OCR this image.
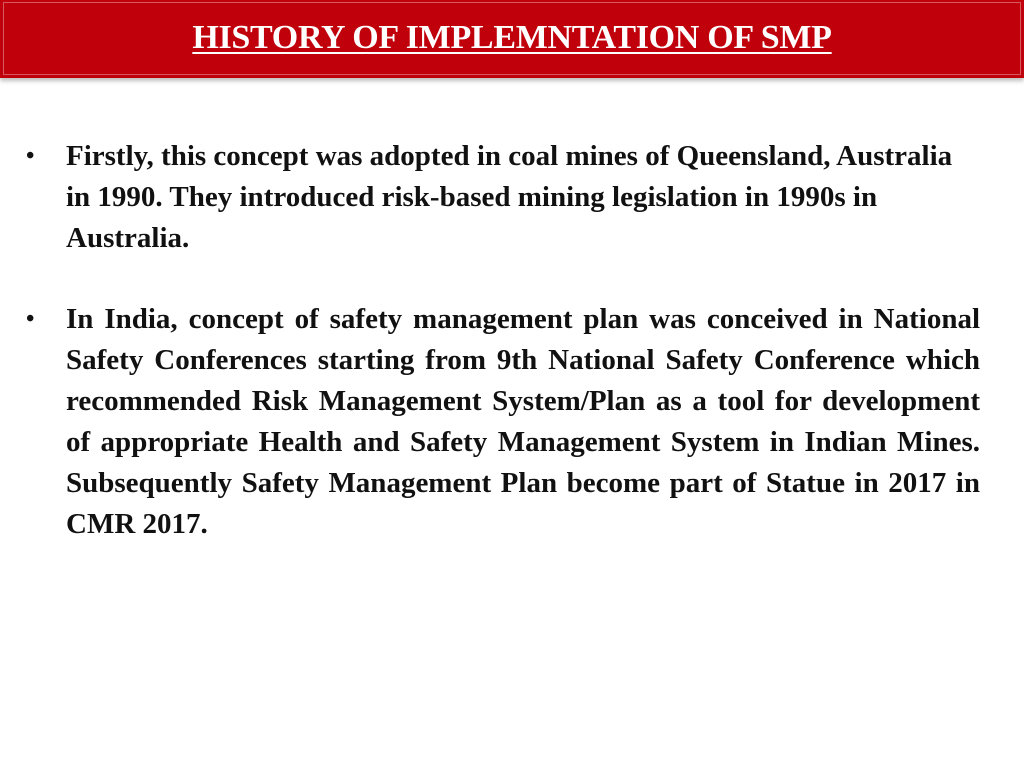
HISTORY OF IMPLEMNTATION OF SMP
• Firstly, this concept was adopted in coal mines of Queensland, Australia in 1990. They introduced risk-based mining legislation in 1990s in Australia.
• In India, concept of safety management plan was conceived in National Safety Conferences starting from 9th National Safety Conference which recommended Risk Management System/Plan as a tool for development of appropriate Health and Safety Management System in Indian Mines. Subsequently Safety Management Plan become part of Statue in 2017 in CMR 2017.
